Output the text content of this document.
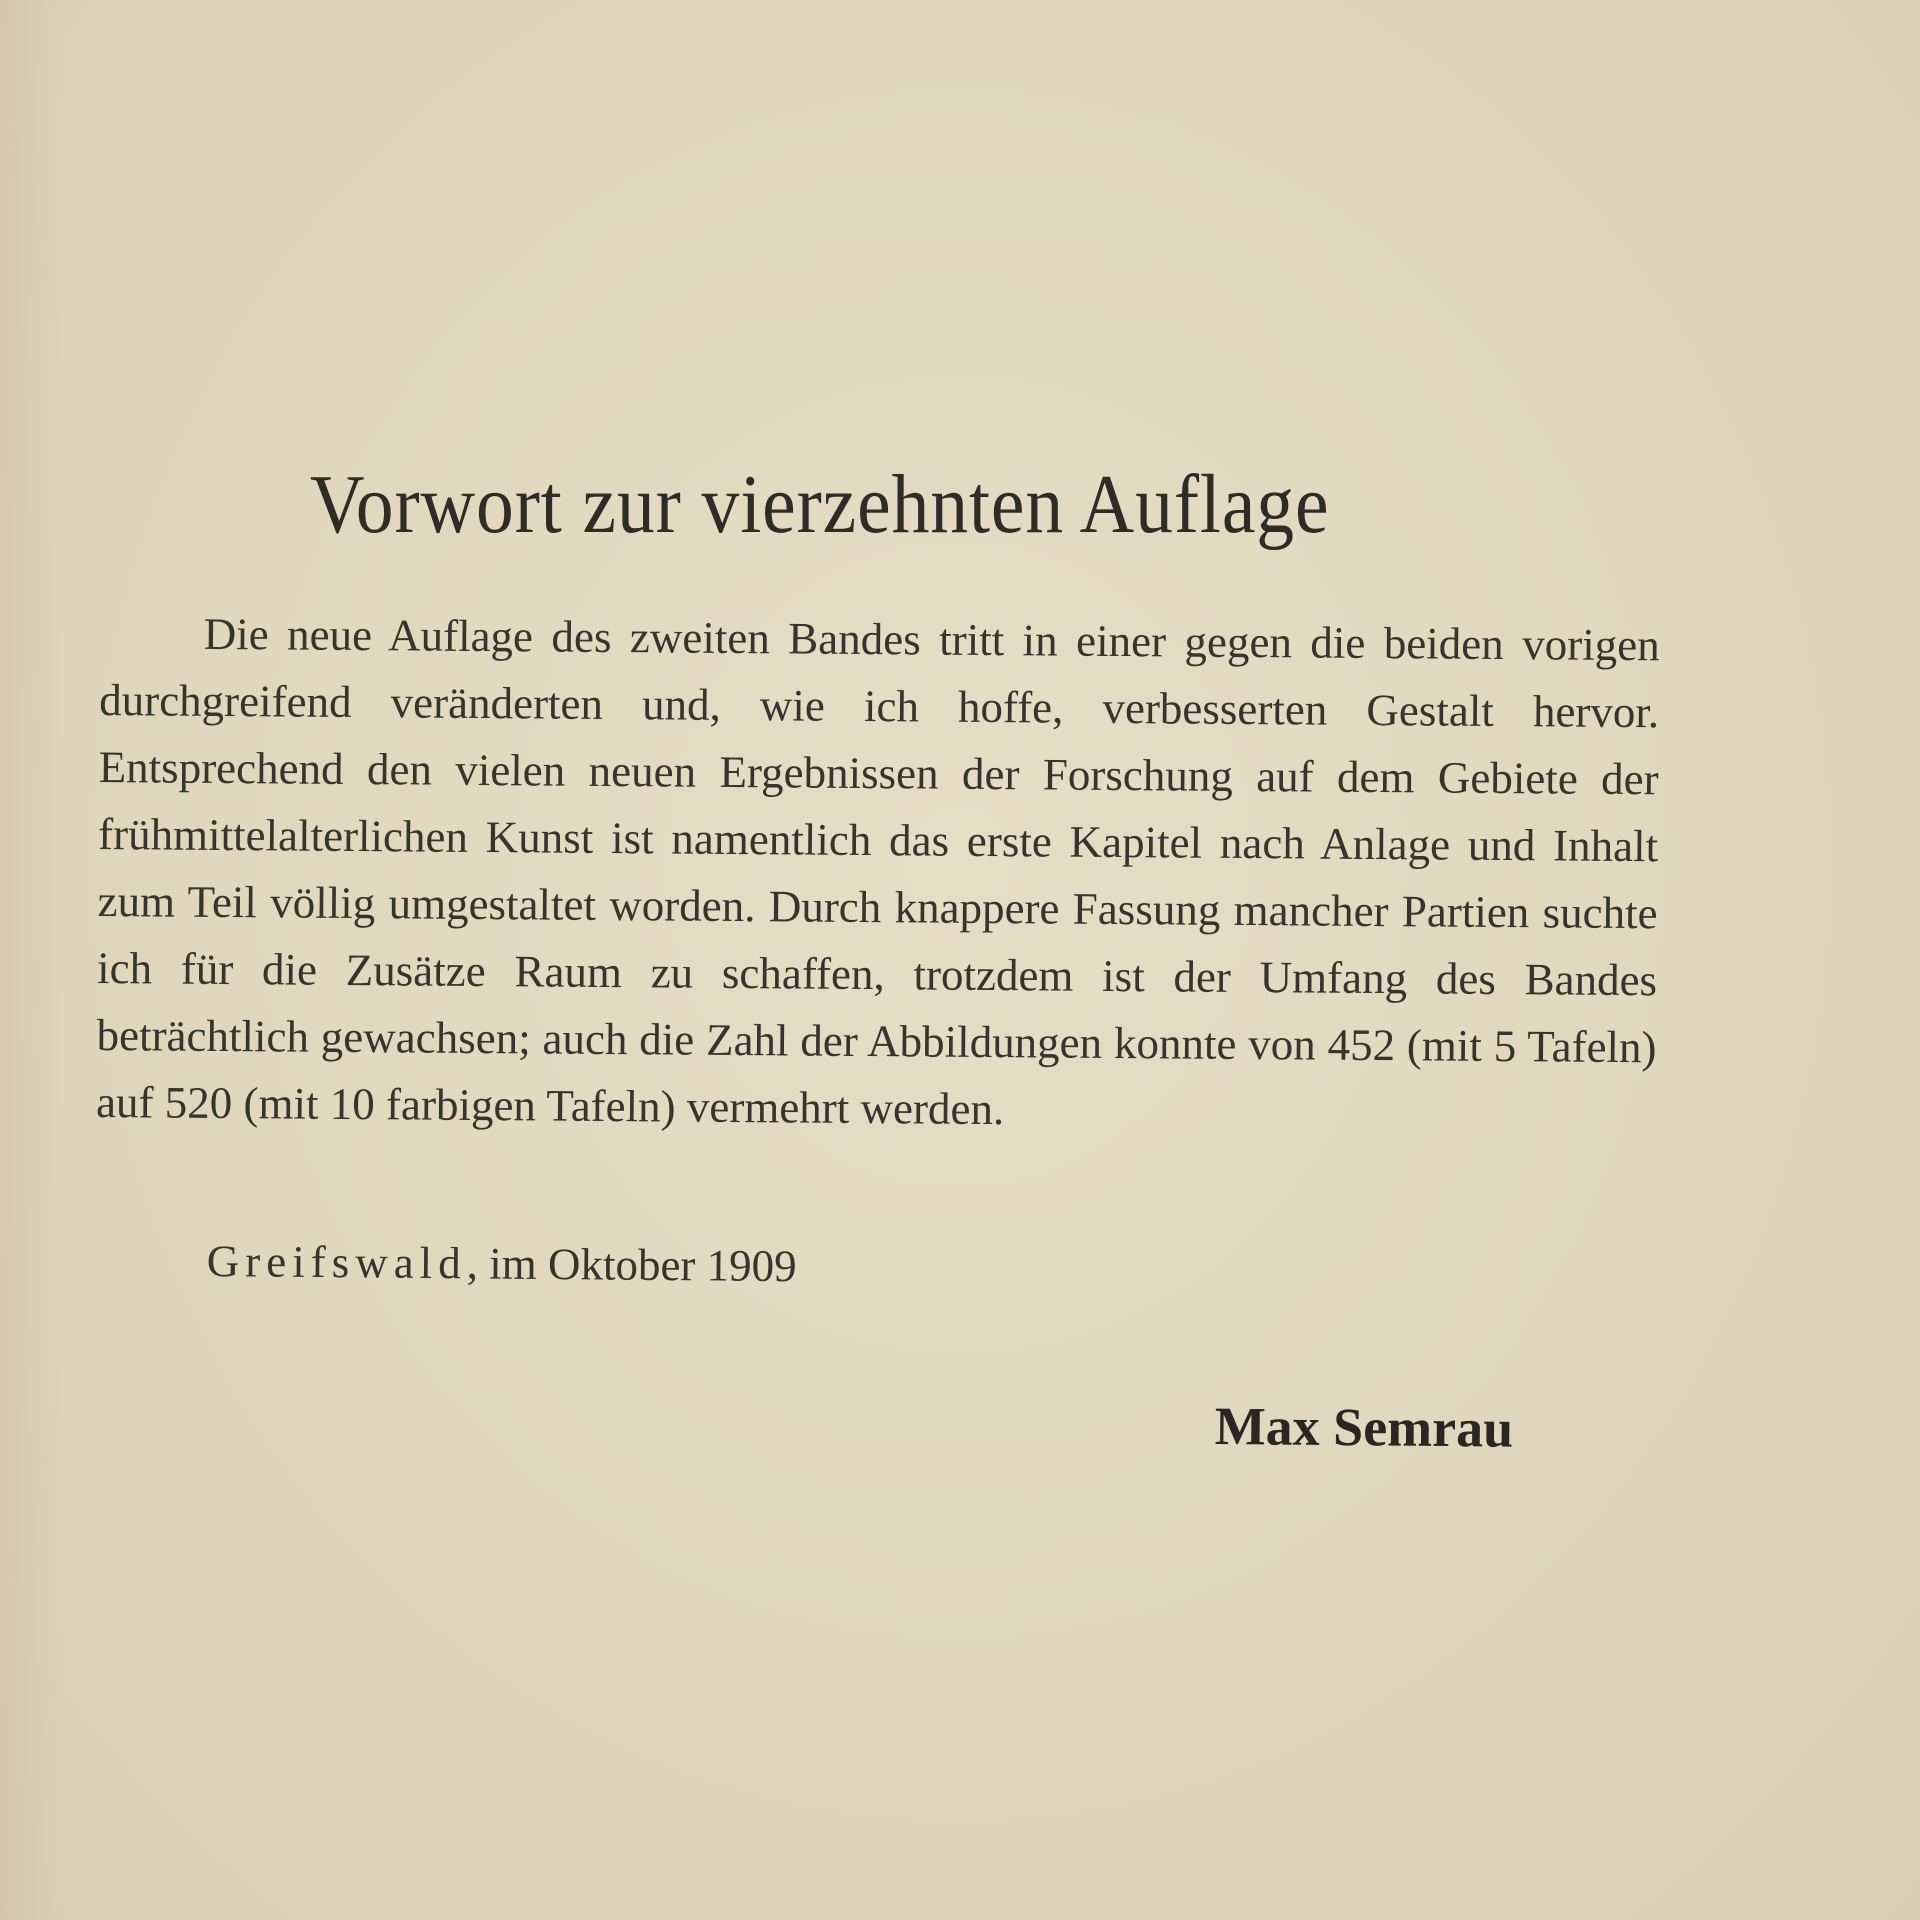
Vorwort zur vierzehnten Auflage

Die neue Auflage des zweiten Bandes tritt in einer gegen die beiden vorigen durchgreifend veränderten und, wie ich hoffe, verbesserten Gestalt hervor. Entsprechend den vielen neuen Ergebnissen der Forschung auf dem Gebiete der frühmittelalterlichen Kunst ist namentlich das erste Kapitel nach Anlage und Inhalt zum Teil völlig umgestaltet worden. Durch knappere Fassung mancher Partien suchte ich für die Zusätze Raum zu schaffen, trotzdem ist der Umfang des Bandes beträchtlich gewachsen; auch die Zahl der Abbildungen konnte von 452 (mit 5 Tafeln) auf 520 (mit 10 farbigen Tafeln) vermehrt werden.

Greifswald, im Oktober 1909
Max Semrau
